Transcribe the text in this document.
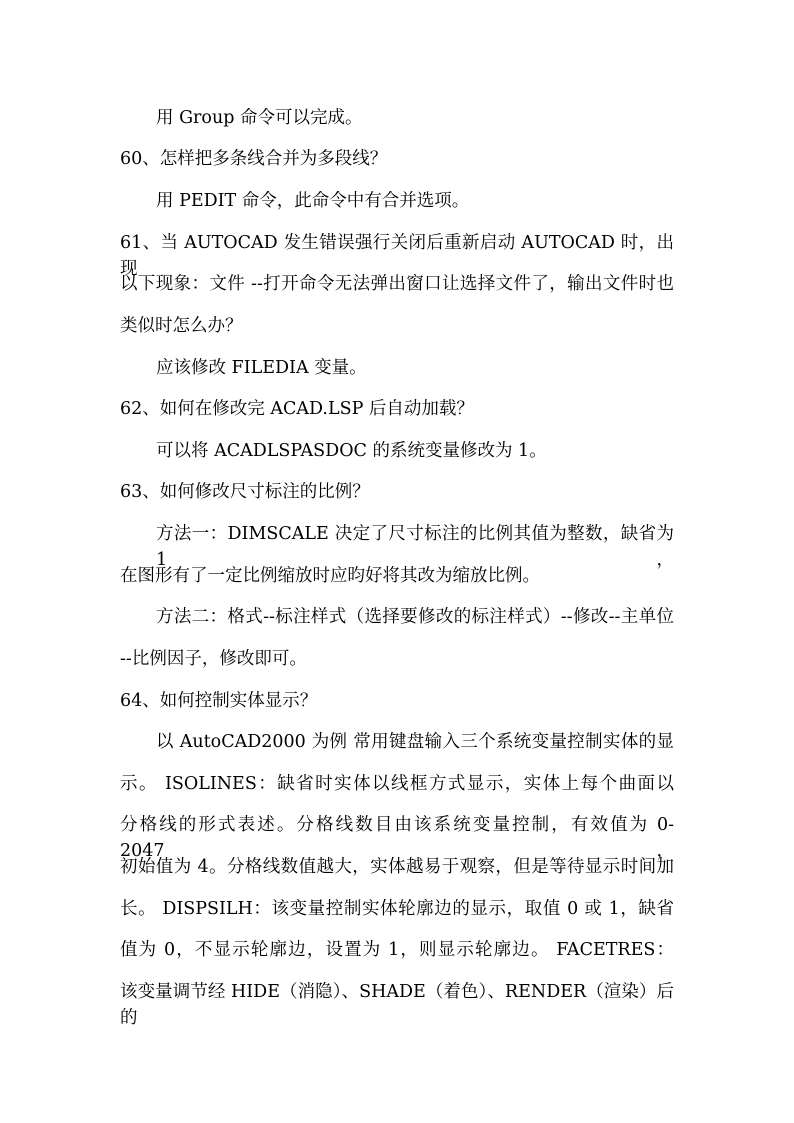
用 Group 命令可以完成。
60、怎样把多条线合并为多段线？
用 PEDIT 命令，此命令中有合并选项。
61、当 AUTOCAD 发生错误强行关闭后重新启动 AUTOCAD 时，出现
以下现象：文件 --打开命令无法弹出窗口让选择文件了，输出文件时也
类似时怎么办？
应该修改 FILEDIA 变量。
62、如何在修改完 ACAD.LSP 后自动加载？
可以将 ACADLSPASDOC 的系统变量修改为 1。
63、如何修改尺寸标注的比例？
方法一：DIMSCALE 决定了尺寸标注的比例其值为整数，缺省为 1，
在图形有了一定比例缩放时应昀好将其改为缩放比例。
方法二：格式--标注样式（选择要修改的标注样式）--修改--主单位
--比例因子，修改即可。
64、如何控制实体显示？
以 AutoCAD2000 为例 常用键盘输入三个系统变量控制实体的显
示。 ISOLINES：缺省时实体以线框方式显示，实体上每个曲面以
分格线的形式表述。分格线数目由该系统变量控制，有效值为 0-2047，
初始值为 4。分格线数值越大，实体越易于观察，但是等待显示时间加
长。 DISPSILH：该变量控制实体轮廓边的显示，取值 0 或 1，缺省
值为 0，不显示轮廓边，设置为 1，则显示轮廓边。 FACETRES：
该变量调节经 HIDE（消隐）、SHADE（着色）、RENDER（渲染）后的
